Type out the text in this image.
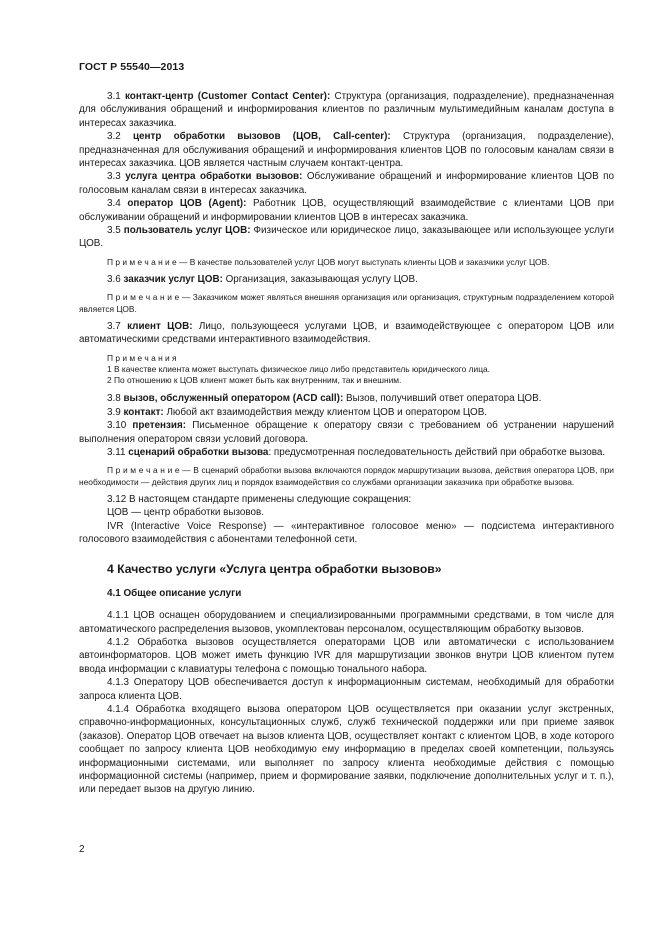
ГОСТ Р 55540—2013

3.1 контакт-центр (Customer Contact Center): Структура (организация, подразделение), предназначенная для обслуживания обращений и информирования клиентов по различным мультимедийным каналам доступа в интересах заказчика.

3.2 центр обработки вызовов (ЦОВ, Call-center): Структура (организация, подразделение), предназначенная для обслуживания обращений и информирования клиентов ЦОВ по голосовым каналам связи в интересах заказчика. ЦОВ является частным случаем контакт-центра.

3.3 услуга центра обработки вызовов: Обслуживание обращений и информирование клиентов ЦОВ по голосовым каналам связи в интересах заказчика.

3.4 оператор ЦОВ (Agent): Работник ЦОВ, осуществляющий взаимодействие с клиентами ЦОВ при обслуживании обращений и информировании клиентов ЦОВ в интересах заказчика.

3.5 пользователь услуг ЦОВ: Физическое или юридическое лицо, заказывающее или использующее услуги ЦОВ.

П р и м е ч а н и е — В качестве пользователей услуг ЦОВ могут выступать клиенты ЦОВ и заказчики услуг ЦОВ.

3.6 заказчик услуг ЦОВ: Организация, заказывающая услугу ЦОВ.

П р и м е ч а н и е — Заказчиком может являться внешняя организация или организация, структурным подразделением которой является ЦОВ.

3.7 клиент ЦОВ: Лицо, пользующееся услугами ЦОВ, и взаимодействующее с оператором ЦОВ или автоматическими средствами интерактивного взаимодействия.

П р и м е ч а н и я

1 В качестве клиента может выступать физическое лицо либо представитель юридического лица.

2 По отношению к ЦОВ клиент может быть как внутренним, так и внешним.

3.8 вызов, обслуженный оператором (ACD call): Вызов, получивший ответ оператора ЦОВ.

3.9 контакт: Любой акт взаимодействия между клиентом ЦОВ и оператором ЦОВ.

3.10 претензия: Письменное обращение к оператору связи с требованием об устранении нарушений выполнения оператором связи условий договора.

3.11 сценарий обработки вызова: предусмотренная последовательность действий при обработке вызова.

П р и м е ч а н и е — В сценарий обработки вызова включаются порядок маршрутизации вызова, действия оператора ЦОВ, при необходимости — действия других лиц и порядок взаимодействия со службами организации заказчика при обработке вызова.

3.12 В настоящем стандарте применены следующие сокращения:

ЦОВ — центр обработки вызовов.

IVR (Interactive Voice Response) — «интерактивное голосовое меню» — подсистема интерактивного голосового взаимодействия с абонентами телефонной сети.

4 Качество услуги «Услуга центра обработки вызовов»
4.1 Общее описание услуги

4.1.1 ЦОВ оснащен оборудованием и специализированными программными средствами, в том числе для автоматического распределения вызовов, укомплектован персоналом, осуществляющим обработку вызовов.

4.1.2 Обработка вызовов осуществляется операторами ЦОВ или автоматически с использованием автоинформаторов. ЦОВ может иметь функцию IVR для маршрутизации звонков внутри ЦОВ клиентом путем ввода информации с клавиатуры телефона с помощью тонального набора.

4.1.3 Оператору ЦОВ обеспечивается доступ к информационным системам, необходимый для обработки запроса клиента ЦОВ.

4.1.4 Обработка входящего вызова оператором ЦОВ осуществляется при оказании услуг экстренных, справочно-информационных, консультационных служб, служб технической поддержки или при приеме заявок (заказов). Оператор ЦОВ отвечает на вызов клиента ЦОВ, осуществляет контакт с клиентом ЦОВ, в ходе которого сообщает по запросу клиента ЦОВ необходимую ему информацию в пределах своей компетенции, пользуясь информационными системами, или выполняет по запросу клиента необходимые действия с помощью информационной системы (например, прием и формирование заявки, подключение дополнительных услуг и т. п.), или передает вызов на другую линию.

2
